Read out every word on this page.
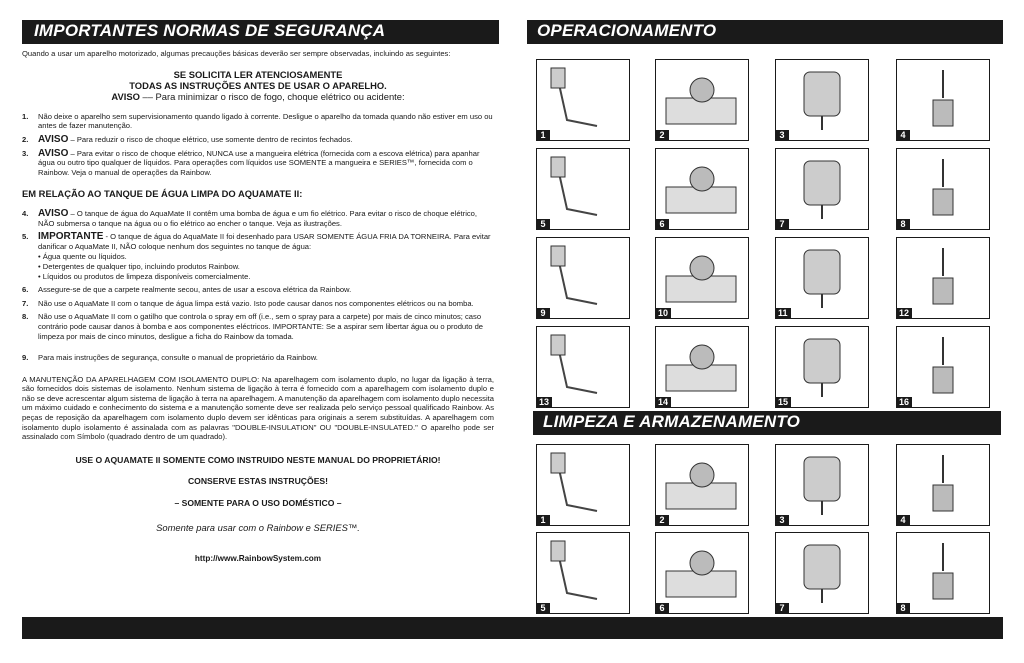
IMPORTANTES NORMAS DE SEGURANÇA	OPERACIONAMENTO
LIMPEZA E ARMAZENAMENTO

Quando a usar um aparelho motorizado, algumas precauções básicas deverão ser sempre observadas, incluindo as seguintes:

SE SOLICITA LER ATENCIOSAMENTE
TODAS AS INSTRUÇÕES ANTES DE USAR O APARELHO.
AVISO –– Para minimizar o risco de fogo, choque elétrico ou acidente:
1. Não deixe o aparelho sem supervisionamento quando ligado à corrente. Desligue o aparelho da tomada quando não estiver em uso ou antes de fazer manutenção.
2. AVISO – Para reduzir o risco de choque elétrico, use somente dentro de recintos fechados.
3. AVISO – Para evitar o risco de choque elétrico, NUNCA use a mangueira elétrica (fornecida com a escova elétrica) para apanhar água ou outro tipo qualquer de líquidos. Para operações com líquidos use SOMENTE a mangueira e SERIES™, fornecida com o Rainbow. Veja o manual de operações da Rainbow.
EM RELAÇÃO AO TANQUE DE ÁGUA LIMPA DO AQUAMATE II:
4. AVISO – O tanque de água do AquaMate II contêm uma bomba de água e um fio elétrico. Para evitar o risco de choque elétrico, NÃO submersa o tanque na água ou o fio elétrico ao encher o tanque. Veja as ilustrações.
5. IMPORTANTE - O tanque de água do AquaMate II foi desenhado para USAR SOMENTE ÁGUA FRIA DA TORNEIRA. Para evitar danificar o AquaMate II, NÃO coloque nenhum dos seguintes no tanque de água:
• Água quente ou líquidos.
• Detergentes de qualquer tipo, incluindo produtos Rainbow.
• Líquidos ou produtos de limpeza disponíveis comercialmente.
6. Assegure-se de que a carpete realmente secou, antes de usar a escova elétrica da Rainbow.
7. Não use o AquaMate II com o tanque de água limpa está vazio. Isto pode causar danos nos componentes elétricos ou na bomba.
8. Não use o AquaMate II com o gatilho que controla o spray em off (i.e., sem o spray para a carpete) por mais de cinco minutos; caso contrário pode causar danos à bomba e aos componentes eléctricos. IMPORTANTE: Se a aspirar sem libertar água ou o produto de limpeza por mais de cinco minutos, desligue a ficha do Rainbow da tomada.
9. Para mais instruções de segurança, consulte o manual de proprietário da Rainbow.

A MANUTENÇÃO DA APARELHAGEM COM ISOLAMENTO DUPLO: Na aparelhagem com isolamento duplo, no lugar da ligação à terra, são fornecidos dois sistemas de isolamento. Nenhum sistema de ligação à terra é fornecido com a aparelhagem com isolamento duplo e não se deve acrescentar algum sistema de ligação à terra na aparelhagem. A manutenção da aparelhagem com isolamento duplo necessita um máximo cuidado e conhecimento do sistema e a manutenção somente deve ser realizada pelo serviço pessoal qualificado Rainbow. As peças de reposição da aparelhagem com isolamento duplo devem ser idênticas para originais a serem substituídas. A aparelhagem com isolamento duplo isolamento é assinalada com as palavras "DOUBLE-INSULATION" OU "DOUBLE-INSULATED." O aparelho pode ser assinalado com Símbolo (quadrado dentro de um quadrado).

USE O AQUAMATE II SOMENTE COMO INSTRUIDO NESTE MANUAL DO PROPRIETÁRIO!
CONSERVE ESTAS INSTRUÇÕES!
– SOMENTE PARA O USO DOMÉSTICO –
Somente para usar com o Rainbow e SERIES™.
http://www.RainbowSystem.com
1	2	3	4
5	6	7	8
9	10	11	12
13	14	15	16
1	2	3	4
5	6	7	8
